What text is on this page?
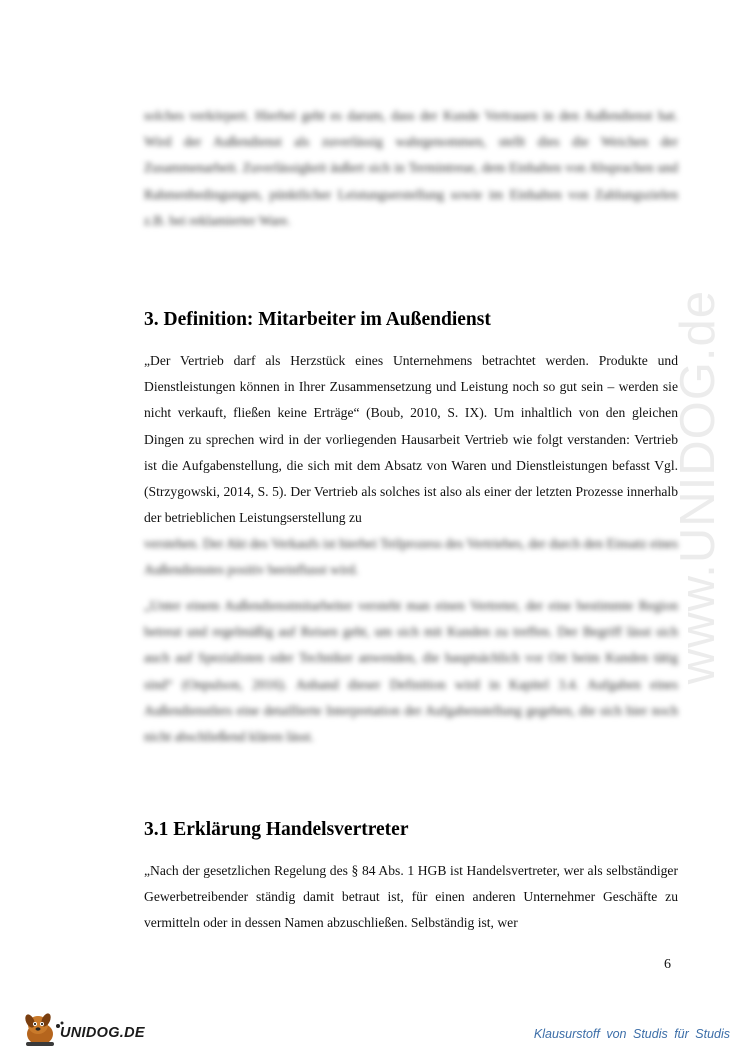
www.UNIDOG.de

solches verkörpert. Hierbei geht es darum, dass der Kunde Vertrauen in den Außendienst hat. Wird der Außendienst als zuverlässig wahrgenommen, stellt dies die Weichen der Zusammenarbeit. Zuverlässigkeit äußert sich in Termintreue, dem Einhalten von Absprachen und Rahmenbedingungen, pünktlicher Leistungserstellung sowie im Einhalten von Zahlungszielen z.B. bei reklamierter Ware.

3. Definition: Mitarbeiter im Außendienst

„Der Vertrieb darf als Herzstück eines Unternehmens betrachtet werden. Produkte und Dienstleistungen können in Ihrer Zusammensetzung und Leistung noch so gut sein – werden sie nicht verkauft, fließen keine Erträge“ (Boub, 2010, S. IX). Um inhaltlich von den gleichen Dingen zu sprechen wird in der vorliegenden Hausarbeit Vertrieb wie folgt verstanden: Vertrieb ist die Aufgabenstellung, die sich mit dem Absatz von Waren und Dienstleistungen befasst Vgl. (Strzygowski, 2014, S. 5). Der Vertrieb als solches ist also als einer der letzten Prozesse innerhalb der betrieblichen Leistungserstellung zu

verstehen. Der Akt des Verkaufs ist hierbei Teilprozess des Vertriebes, der durch den Einsatz eines Außendienstes positiv beeinflusst wird.

„Unter einem Außendienstmitarbeiter versteht man einen Vertreter, der eine bestimmte Region betreut und regelmäßig auf Reisen geht, um sich mit Kunden zu treffen. Der Begriff lässt sich auch auf Spezialisten oder Techniker anwenden, die hauptsächlich vor Ort beim Kunden tätig sind“ (Onpulson, 2016). Anhand dieser Definition wird in Kapitel 3.4. Aufgaben eines Außendienstlers eine detaillierte Interpretation der Aufgabenstellung gegeben, die sich hier noch nicht abschließend klären lässt.

3.1 Erklärung Handelsvertreter

„Nach der gesetzlichen Regelung des § 84 Abs. 1 HGB ist Handelsvertreter, wer als selbständiger Gewerbetreibender ständig damit betraut ist, für einen anderen Unternehmer Geschäfte zu vermitteln oder in dessen Namen abzuschließen. Selbständig ist, wer

6

UNIDOG.DE	Klausurstoff von Studis für Studis
